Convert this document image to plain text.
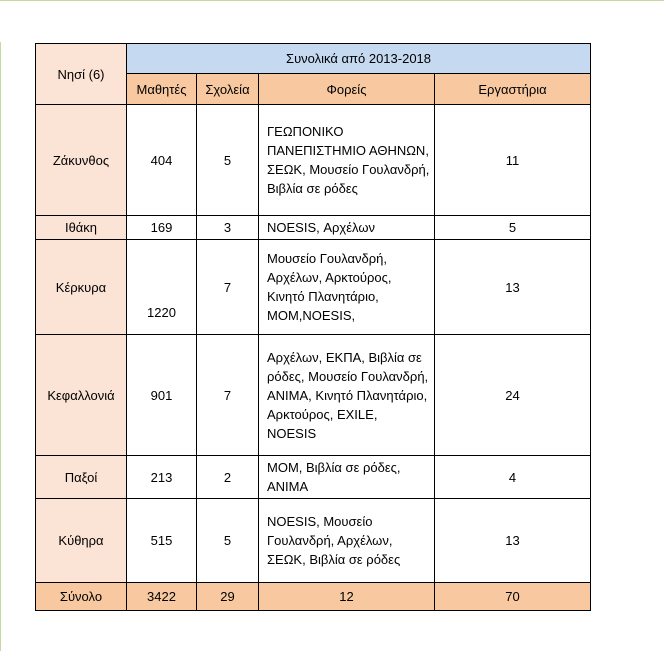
Νησί (6)	Συνολικά από 2013-2018			
	Μαθητές	Σχολεία	Φορείς	Εργαστήρια
Ζάκυνθος	404	5	ΓΕΩΠΟΝΙΚΟ ΠΑΝΕΠΙΣΤΗΜΙΟ ΑΘΗΝΩΝ, ΣΕΩΚ, Μουσείο Γουλανδρή, Βιβλία σε ρόδες	11
Ιθάκη	169	3	NOESIS, Αρχέλων	5
Κέρκυρα	1220	7	Μουσείο Γουλανδρή, Αρχέλων, Αρκτούρος, Κινητό Πλανητάριο, ΜΟΜ,NOESIS,	13
Κεφαλλονιά	901	7	Αρχέλων, ΕΚΠΑ, Βιβλία σε ρόδες, Μουσείο Γουλανδρή, ANIMA, Κινητό Πλανητάριο, Αρκτούρος, EXILE, NOESIS	24
Παξοί	213	2	ΜΟΜ, Βιβλία σε ρόδες, ANIMA	4
Κύθηρα	515	5	NOESIS, Μουσείο Γουλανδρή, Αρχέλων, ΣΕΩΚ, Βιβλία σε ρόδες	13
Σύνολο	3422	29	12	70
